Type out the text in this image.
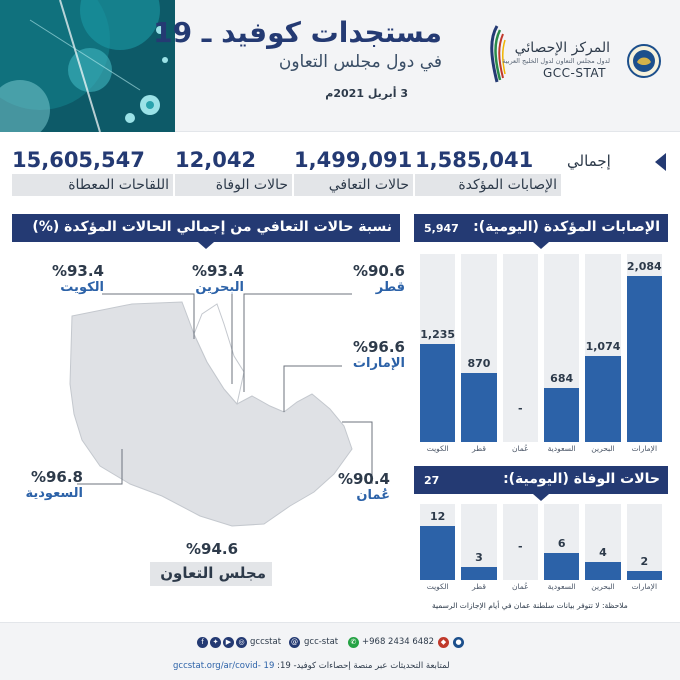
مستجدات كوفيد ـ 19
في دول مجلس التعاون
3 أبريل 2021م
المركز الإحصائي
لدول مجلس التعاون لدول الخليج العربية
GCC-STAT
إجمالي
1,585,041
الإصابات المؤكدة
1,499,091
حالات التعافي
12,042
حالات الوفاة
15,605,547
اللقاحات المعطاة
نسبة حالات التعافي من إجمالي الحالات المؤكدة (%)
%93.4
الكويت
%93.4
البحرين
%90.6
قطر
%96.6
الإمارات
%96.8
السعودية
%90.4
عُمان
%94.6
مجلس التعاون
الإصابات المؤكدة (اليومية):
5,947
2,084
الإمارات
1,074
البحرين
684
السعودية
-
عُمان
870
قطر
1,235
الكويت
حالات الوفاة (اليومية):
27
2
الإمارات
4
البحرين
6
السعودية
-
عُمان
3
قطر
12
الكويت
ملاحظة: لا تتوفر بيانات سلطنة عمان في أيام الإجازات الرسمية
●
◆
+968 2434 6482
✆
gcc-stat
@
gccstat
◎
▶
✦
f
لمتابعة التحديثات عبر منصة إحصاءات كوفيد- 19: gccstat.org/ar/covid- 19
